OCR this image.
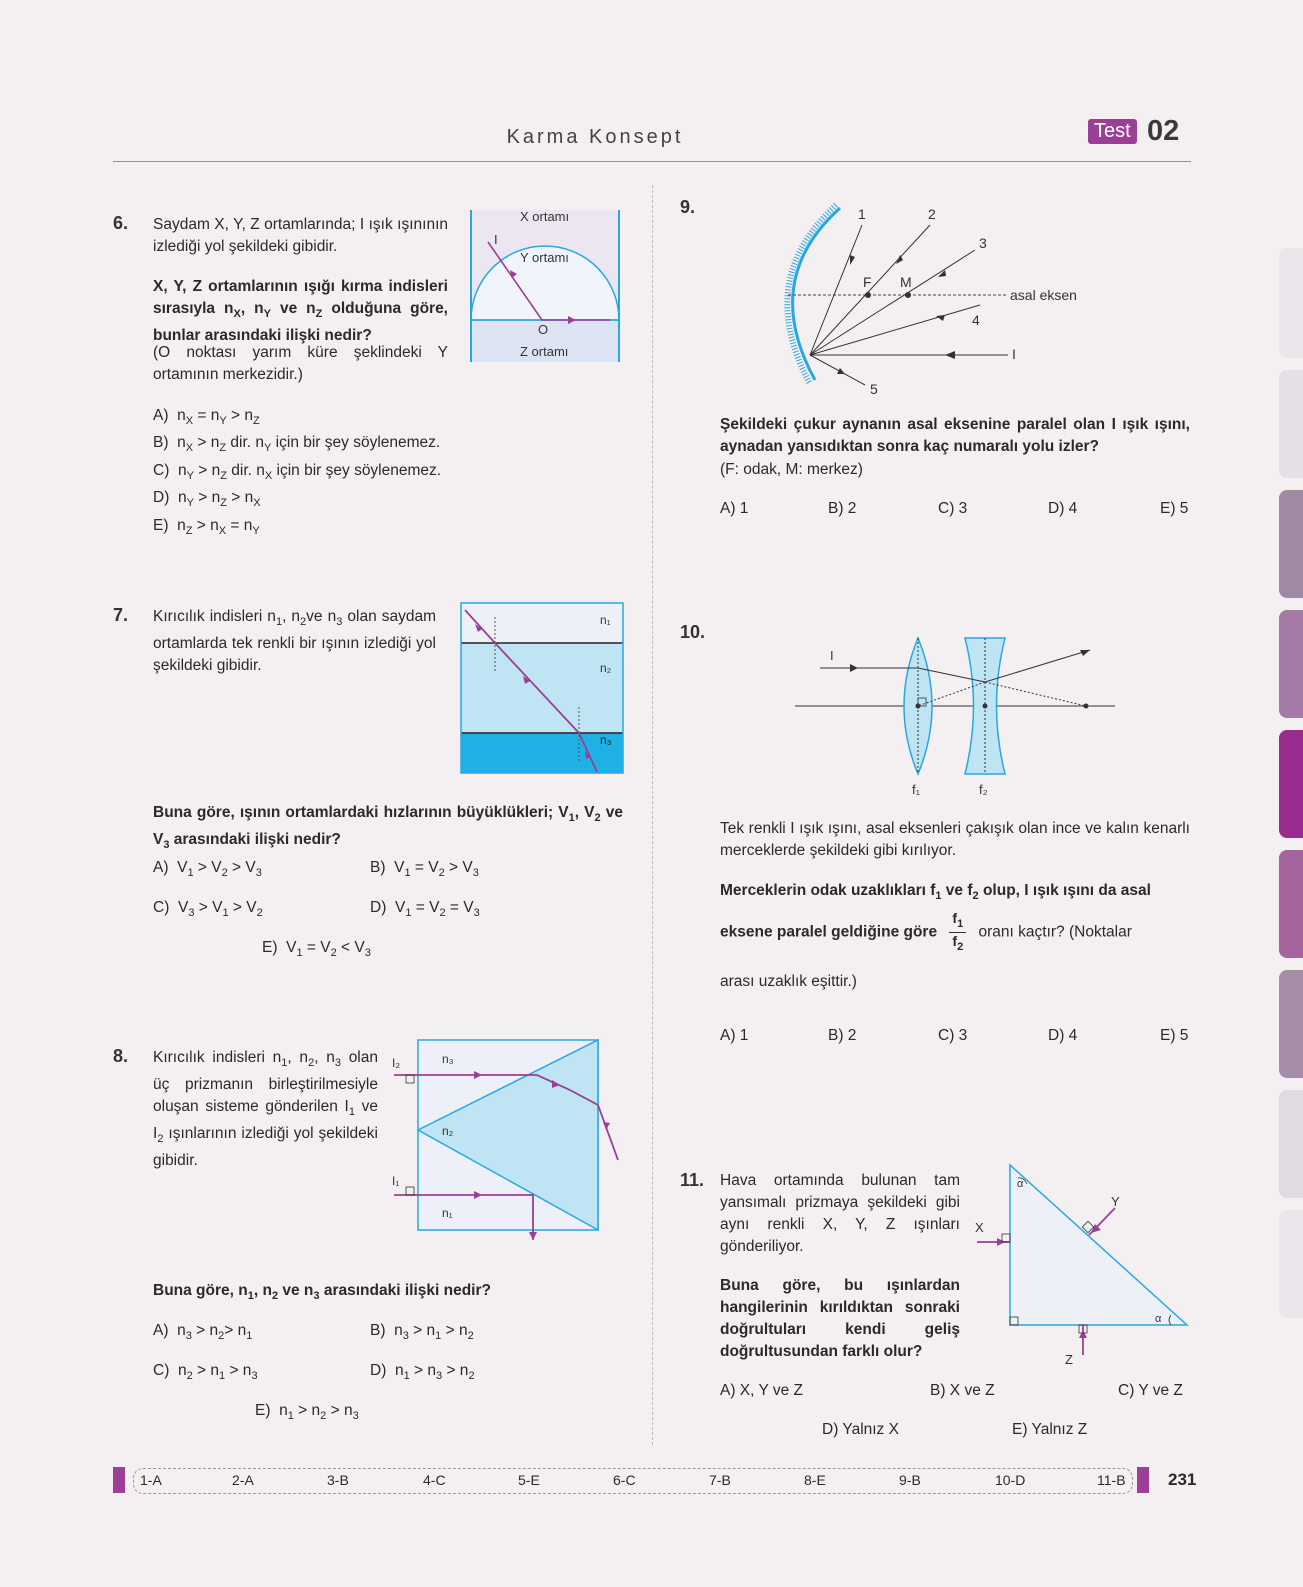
Karma Konsept	Test 02
6. Saydam X, Y, Z ortamlarında; I ışık ışınının izlediği yol şekildeki gibidir.
X, Y, Z ortamlarının ışığı kırma indisleri sırasıyla $n_X$, $n_Y$ ve $n_Z$ olduğuna göre, bunlar arasındaki ilişki nedir?
(O noktası yarım küre şeklindeki Y ortamının merkezidir.)
X ortamı
Y ortamı
Z ortamı
O
I
A)  $n_X = n_Y > n_Z$
B)  $n_X > n_Z$ dir. $n_Y$ için bir şey söylenemez.
C)  $n_Y > n_Z$ dir. $n_X$ için bir şey söylenemez.
D)  $n_Y > n_Z > n_X$
E)  $n_Z > n_X = n_Y$
7. Kırıcılık indisleri $n_1$, $n_2ve$ $n_3$ olan saydam ortamlarda tek renkli bir ışının izlediği yol şekildeki gibidir.
n₁
n₂
n₃
Buna göre, ışının ortamlardaki hızlarının büyüklükleri; $V_1$, $V_2$ ve $V_3$ arasındaki ilişki nedir?
A)  $V_1 > V_2 > V_3$	B)  $V_1 = V_2 > V_3$
C)  $V_3 > V_1 > V_2$	D)  $V_1 = V_2 = V_3$
E)  $V_1 = V_2 < V_3$
8. Kırıcılık indisleri $n_1$, $n_2$, $n_3$ olan üç prizmanın birleştirilmesiyle oluşan sisteme gönderilen $I_1$ ve $I_2$ ışınlarının izlediği yol şekildeki gibidir.
I₂
I₁
n₃
n₂
n₁
Buna göre, $n_1$, $n_2$ ve $n_3$ arasındaki ilişki nedir?
A)  $n_3 > n_2> n_1$	B)  $n_3 > n_1 > n_2$
C)  $n_2 > n_1 > n_3$	D)  $n_1 > n_3 > n_2$
E)  $n_1 > n_2 > n_3$
9.	1	2
3
4
5
F M
asal eksen
I
Şekildeki çukur aynanın asal eksenine paralel olan I ışık ışını, aynadan yansıdıktan sonra kaç numaralı yolu izler?
(F: odak, M: merkez)
A) 1	B) 2	C) 3	D) 4	E) 5
10.
I
f₁	f₂
Tek renkli I ışık ışını, asal eksenleri çakışık olan ince ve kalın kenarlı merceklerde şekildeki gibi kırılıyor.
Merceklerin odak uzaklıkları $f_1$ ve $f_2$ olup, I ışık ışını da asal
eksene paralel geldiğine göre $\frac{f_1}{f_2}$ oranı kaçtır? (Noktalar
arası uzaklık eşittir.)
A) 1	B) 2	C) 3	D) 4	E) 5
11. Hava ortamında bulunan tam yansımalı prizmaya şekildeki gibi aynı renkli X, Y, Z ışınları gönderiliyor.
Buna göre, bu ışınlardan hangilerinin kırıldıktan sonraki doğrultuları kendi geliş doğrultusundan farklı olur?
α
α
X
Y
Z
A) X, Y ve Z	B) X ve Z	C) Y ve Z
D) Yalnız X	E) Yalnız Z
1-A	2-A	3-B	4-C	5-E	6-C	7-B	8-E	9-B	10-D	11-B 231
